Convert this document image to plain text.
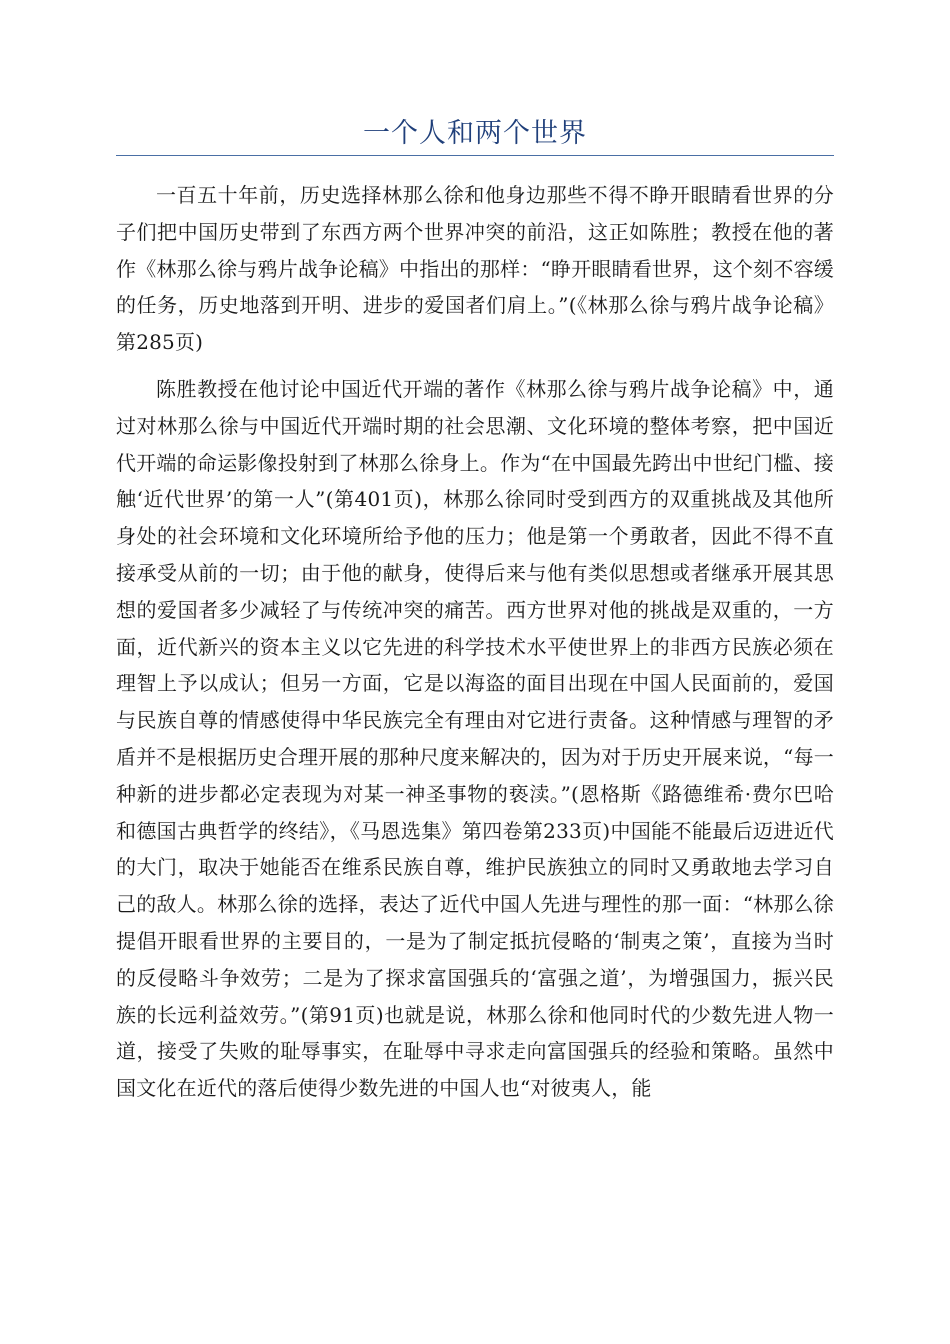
一个人和两个世界

一百五十年前，历史选择林那么徐和他身边那些不得不睁开眼睛看世界的分子们把中国历史带到了东西方两个世界冲突的前沿，这正如陈胜；教授在他的著作《林那么徐与鸦片战争论稿》中指出的那样：“睁开眼睛看世界，这个刻不容缓的任务，历史地落到开明、进步的爱国者们肩上。”(《林那么徐与鸦片战争论稿》第285页)

陈胜教授在他讨论中国近代开端的著作《林那么徐与鸦片战争论稿》中，通过对林那么徐与中国近代开端时期的社会思潮、文化环境的整体考察，把中国近代开端的命运影像投射到了林那么徐身上。作为“在中国最先跨出中世纪门槛、接触‘近代世界’的第一人”(第401页)，林那么徐同时受到西方的双重挑战及其他所身处的社会环境和文化环境所给予他的压力；他是第一个勇敢者，因此不得不直接承受从前的一切；由于他的献身，使得后来与他有类似思想或者继承开展其思想的爱国者多少减轻了与传统冲突的痛苦。西方世界对他的挑战是双重的，一方面，近代新兴的资本主义以它先进的科学技术水平使世界上的非西方民族必须在理智上予以成认；但另一方面，它是以海盗的面目出现在中国人民面前的，爱国与民族自尊的情感使得中华民族完全有理由对它进行责备。这种情感与理智的矛盾并不是根据历史合理开展的那种尺度来解决的，因为对于历史开展来说，“每一种新的进步都必定表现为对某一神圣事物的亵渎。”(恩格斯《路德维希·费尔巴哈和德国古典哲学的终结》，《马恩选集》第四卷第233页)中国能不能最后迈进近代的大门，取决于她能否在维系民族自尊，维护民族独立的同时又勇敢地去学习自己的敌人。林那么徐的选择，表达了近代中国人先进与理性的那一面：“林那么徐提倡开眼看世界的主要目的，一是为了制定抵抗侵略的‘制夷之策’，直接为当时的反侵略斗争效劳；二是为了探求富国强兵的‘富强之道’，为增强国力，振兴民族的长远利益效劳。”(第91页)也就是说，林那么徐和他同时代的少数先进人物一道，接受了失败的耻辱事实，在耻辱中寻求走向富国强兵的经验和策略。虽然中国文化在近代的落后使得少数先进的中国人也“对彼夷人，能
